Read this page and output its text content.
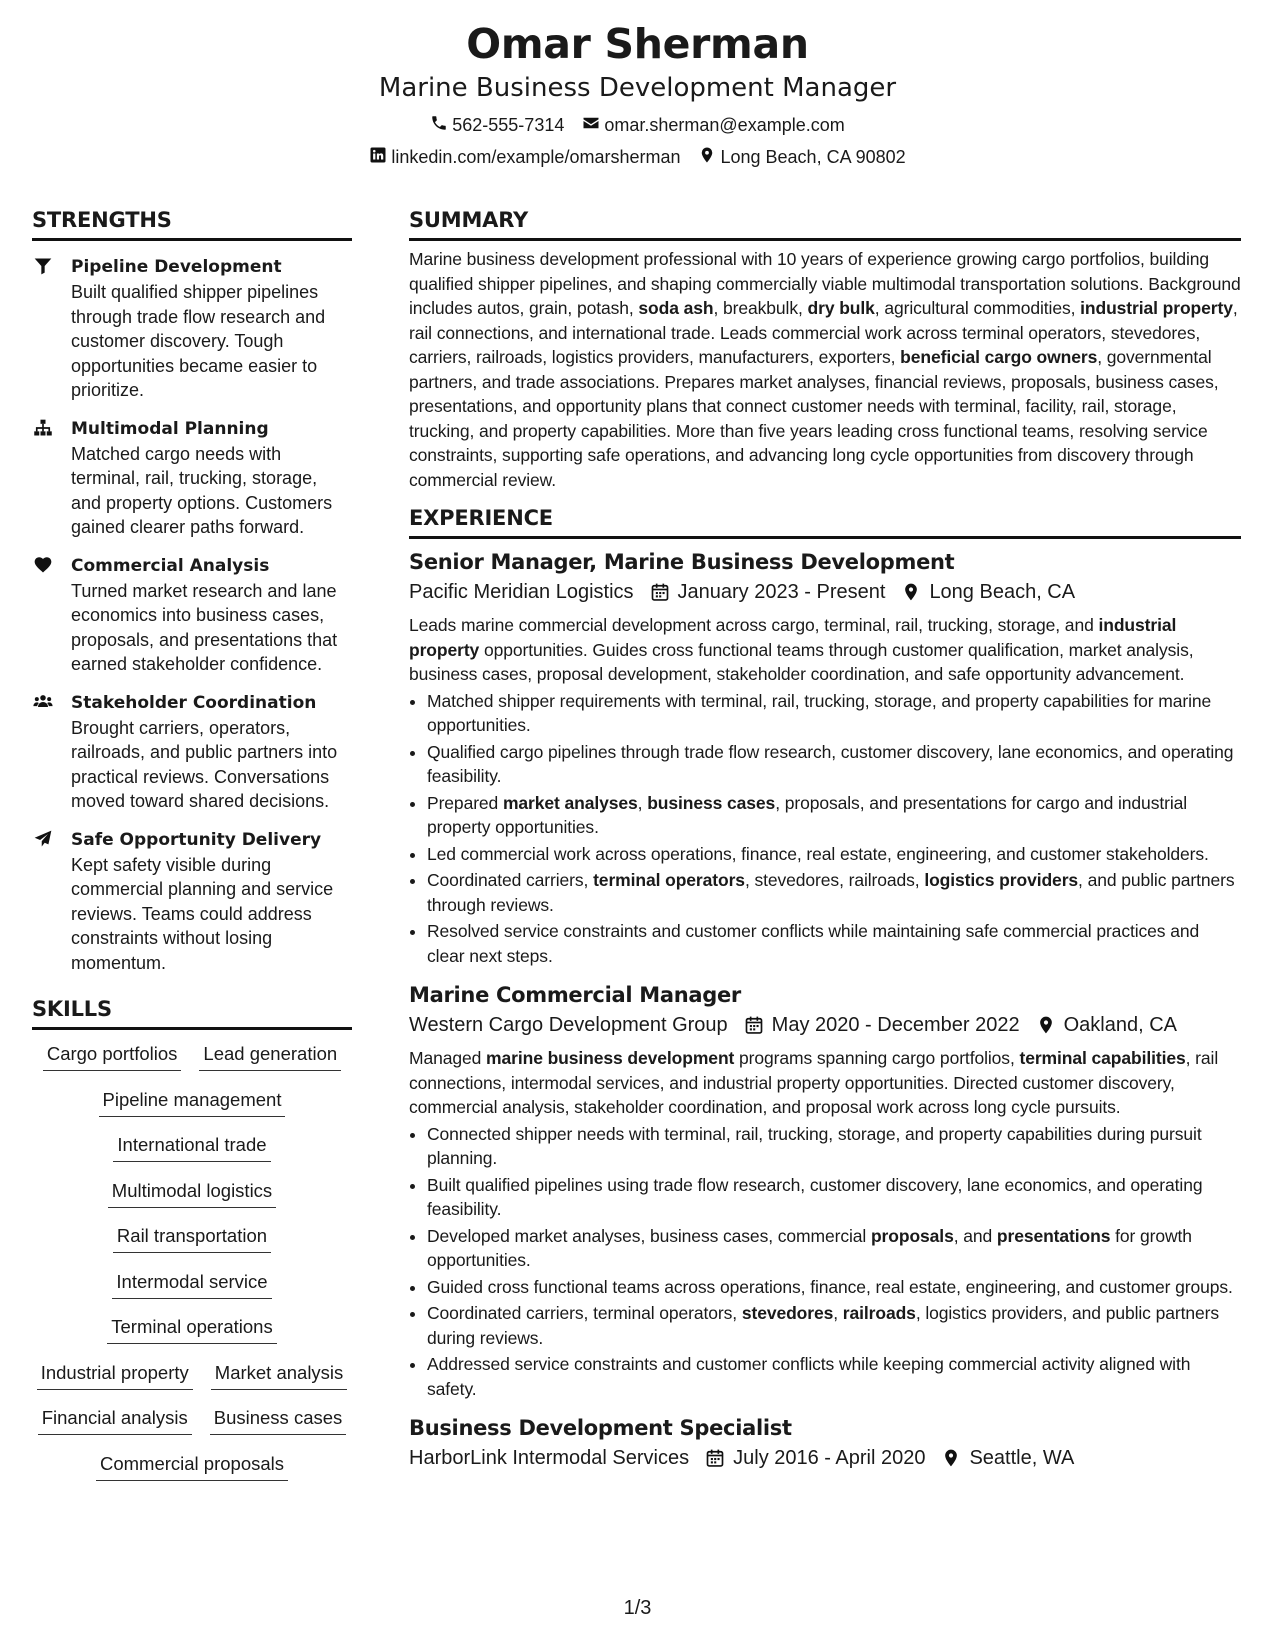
Omar Sherman
Marine Business Development Manager
562-555-7314 omar.sherman@example.com
linkedin.com/example/omarsherman Long Beach, CA 90802
STRENGTHS
Pipeline Development
Built qualified shipper pipelines through trade flow research and customer discovery. Tough opportunities became easier to prioritize.
Multimodal Planning
Matched cargo needs with terminal, rail, trucking, storage, and property options. Customers gained clearer paths forward.
Commercial Analysis
Turned market research and lane economics into business cases, proposals, and presentations that earned stakeholder confidence.
Stakeholder Coordination
Brought carriers, operators, railroads, and public partners into practical reviews. Conversations moved toward shared decisions.
Safe Opportunity Delivery
Kept safety visible during commercial planning and service reviews. Teams could address constraints without losing momentum.
SKILLS
Cargo portfolios Lead generation
Pipeline management
International trade
Multimodal logistics
Rail transportation
Intermodal service
Terminal operations
Industrial property Market analysis
Financial analysis Business cases
Commercial proposals
SUMMARY
Marine business development professional with 10 years of experience growing cargo portfolios, building qualified shipper pipelines, and shaping commercially viable multimodal transportation solutions. Background includes autos, grain, potash, soda ash, breakbulk, dry bulk, agricultural commodities, industrial property, rail connections, and international trade. Leads commercial work across terminal operators, stevedores, carriers, railroads, logistics providers, manufacturers, exporters, beneficial cargo owners, governmental partners, and trade associations. Prepares market analyses, financial reviews, proposals, business cases, presentations, and opportunity plans that connect customer needs with terminal, facility, rail, storage, trucking, and property capabilities. More than five years leading cross functional teams, resolving service constraints, supporting safe operations, and advancing long cycle opportunities from discovery through commercial review.
EXPERIENCE
Senior Manager, Marine Business Development
Pacific Meridian Logistics January 2023 - Present Long Beach, CA
Leads marine commercial development across cargo, terminal, rail, trucking, storage, and industrial property opportunities. Guides cross functional teams through customer qualification, market analysis, business cases, proposal development, stakeholder coordination, and safe opportunity advancement.
• Matched shipper requirements with terminal, rail, trucking, storage, and property capabilities for marine opportunities.
• Qualified cargo pipelines through trade flow research, customer discovery, lane economics, and operating feasibility.
• Prepared market analyses, business cases, proposals, and presentations for cargo and industrial property opportunities.
• Led commercial work across operations, finance, real estate, engineering, and customer stakeholders.
• Coordinated carriers, terminal operators, stevedores, railroads, logistics providers, and public partners through reviews.
• Resolved service constraints and customer conflicts while maintaining safe commercial practices and clear next steps.
Marine Commercial Manager
Western Cargo Development Group May 2020 - December 2022 Oakland, CA
Managed marine business development programs spanning cargo portfolios, terminal capabilities, rail connections, intermodal services, and industrial property opportunities. Directed customer discovery, commercial analysis, stakeholder coordination, and proposal work across long cycle pursuits.
• Connected shipper needs with terminal, rail, trucking, storage, and property capabilities during pursuit planning.
• Built qualified pipelines using trade flow research, customer discovery, lane economics, and operating feasibility.
• Developed market analyses, business cases, commercial proposals, and presentations for growth opportunities.
• Guided cross functional teams across operations, finance, real estate, engineering, and customer groups.
• Coordinated carriers, terminal operators, stevedores, railroads, logistics providers, and public partners during reviews.
• Addressed service constraints and customer conflicts while keeping commercial activity aligned with safety.
Business Development Specialist
HarborLink Intermodal Services July 2016 - April 2020 Seattle, WA
1/3
